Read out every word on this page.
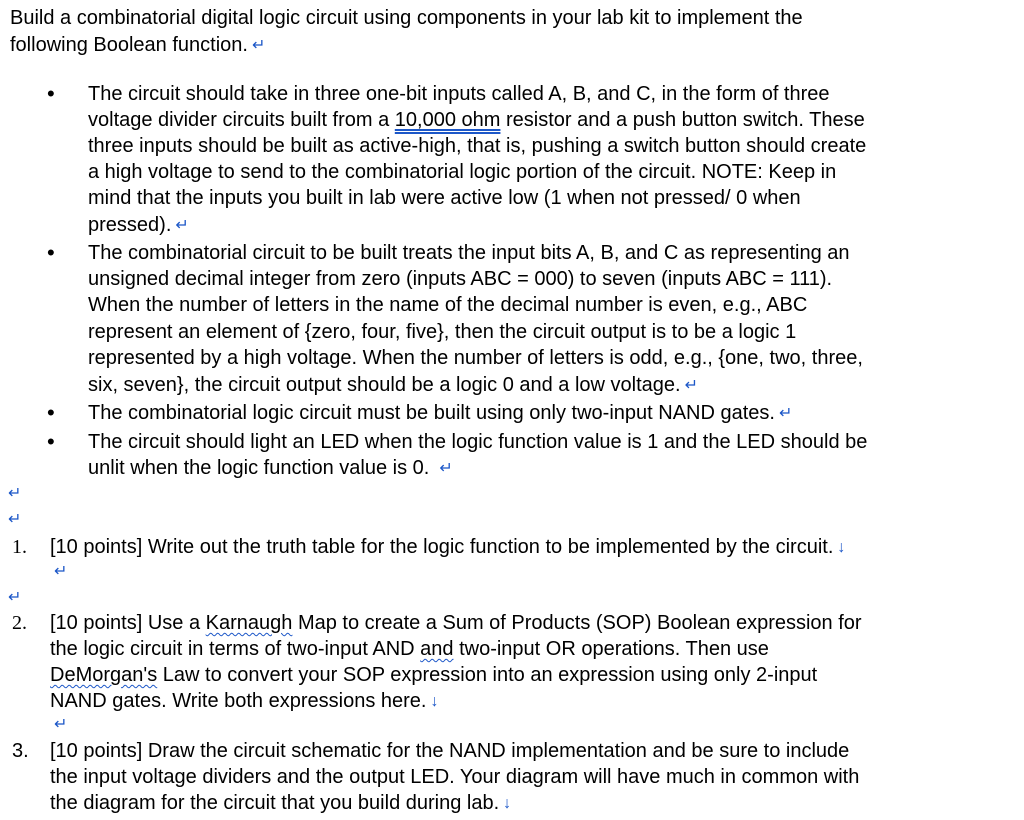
Build a combinatorial digital logic circuit using components in your lab kit to implement the
following Boolean function. ↵
• The circuit should take in three one-bit inputs called A, B, and C, in the form of three
voltage divider circuits built from a 10,000 ohm resistor and a push button switch. These
three inputs should be built as active-high, that is, pushing a switch button should create
a high voltage to send to the combinatorial logic portion of the circuit. NOTE: Keep in
mind that the inputs you built in lab were active low (1 when not pressed/ 0 when
pressed). ↵
• The combinatorial circuit to be built treats the input bits A, B, and C as representing an
unsigned decimal integer from zero (inputs ABC = 000) to seven (inputs ABC = 111).
When the number of letters in the name of the decimal number is even, e.g., ABC
represent an element of {zero, four, five}, then the circuit output is to be a logic 1
represented by a high voltage. When the number of letters is odd, e.g., {one, two, three,
six, seven}, the circuit output should be a logic 0 and a low voltage. ↵
• The combinatorial logic circuit must be built using only two-input NAND gates. ↵
• The circuit should light an LED when the logic function value is 1 and the LED should be
unlit when the logic function value is 0. ↵
↵
↵
1. [10 points] Write out the truth table for the logic function to be implemented by the circuit. ↓
↵
↵
2. [10 points] Use a Karnaugh Map to create a Sum of Products (SOP) Boolean expression for
the logic circuit in terms of two-input AND and two-input OR operations. Then use
DeMorgan's Law to convert your SOP expression into an expression using only 2-input
NAND gates. Write both expressions here. ↓
↵
3. [10 points] Draw the circuit schematic for the NAND implementation and be sure to include
the input voltage dividers and the output LED. Your diagram will have much in common with
the diagram for the circuit that you build during lab. ↓
